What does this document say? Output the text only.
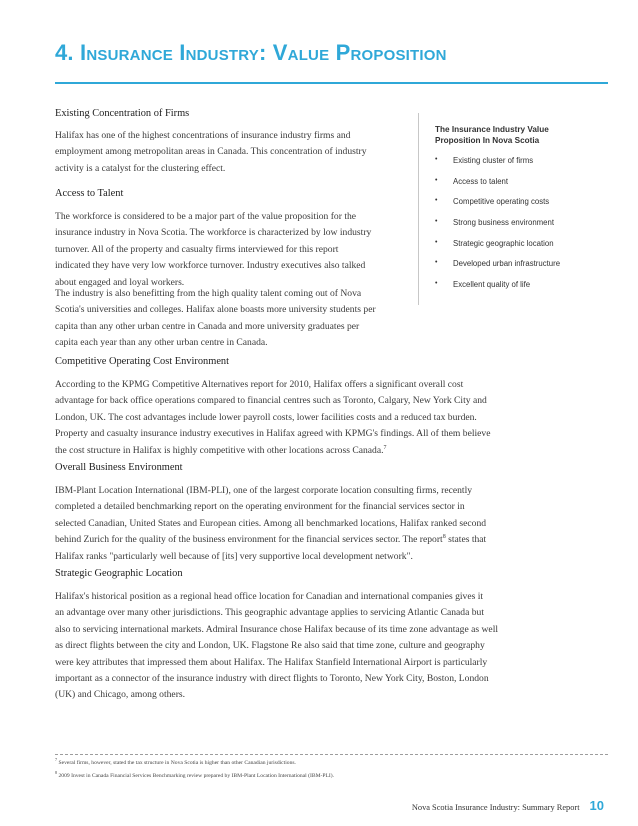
4. Insurance Industry: Value Proposition
Existing Concentration of Firms
Halifax has one of the highest concentrations of insurance industry firms and
employment among metropolitan areas in Canada. This concentration of industry
activity is a catalyst for the clustering effect.
Access to Talent
The workforce is considered to be a major part of the value proposition for the
insurance industry in Nova Scotia. The workforce is characterized by low industry
turnover. All of the property and casualty firms interviewed for this report
indicated they have very low workforce turnover. Industry executives also talked
about engaged and loyal workers.
The industry is also benefitting from the high quality talent coming out of Nova
Scotia's universities and colleges. Halifax alone boasts more university students per
capita than any other urban centre in Canada and more university graduates per
capita each year than any other urban centre in Canada.
The Insurance Industry Value
Proposition In Nova Scotia
•	Existing cluster of firms
•	Access to talent
•	Competitive operating costs
•	Strong business environment
•	Strategic geographic location
•	Developed urban infrastructure
•	Excellent quality of life
Competitive Operating Cost Environment
According to the KPMG Competitive Alternatives report for 2010, Halifax offers a significant overall cost
advantage for back office operations compared to financial centres such as Toronto, Calgary, New York City and
London, UK. The cost advantages include lower payroll costs, lower facilities costs and a reduced tax burden.
Property and casualty insurance industry executives in Halifax agreed with KPMG's findings. All of them believe
the cost structure in Halifax is highly competitive with other locations across Canada.$^7$
Overall Business Environment
IBM-Plant Location International (IBM-PLI), one of the largest corporate location consulting firms, recently
completed a detailed benchmarking report on the operating environment for the financial services sector in
selected Canadian, United States and European cities. Among all benchmarked locations, Halifax ranked second
behind Zurich for the quality of the business environment for the financial services sector. The report$^8$ states that
Halifax ranks "particularly well because of [its] very supportive local development network".
Strategic Geographic Location
Halifax's historical position as a regional head office location for Canadian and international companies gives it
an advantage over many other jurisdictions. This geographic advantage applies to servicing Atlantic Canada but
also to servicing international markets. Admiral Insurance chose Halifax because of its time zone advantage as well
as direct flights between the city and London, UK. Flagstone Re also said that time zone, culture and geography
were key attributes that impressed them about Halifax. The Halifax Stanfield International Airport is particularly
important as a connector of the insurance industry with direct flights to Toronto, New York City, Boston, London
(UK) and Chicago, among others.
$^7$ Several firms, however, stated the tax structure in Nova Scotia is higher than other Canadian jurisdictions.
$^8$ 2009 Invest in Canada Financial Services Benchmarking review prepared by IBM-Plant Location International (IBM-PLI).
Nova Scotia Insurance Industry: Summary Report 10
